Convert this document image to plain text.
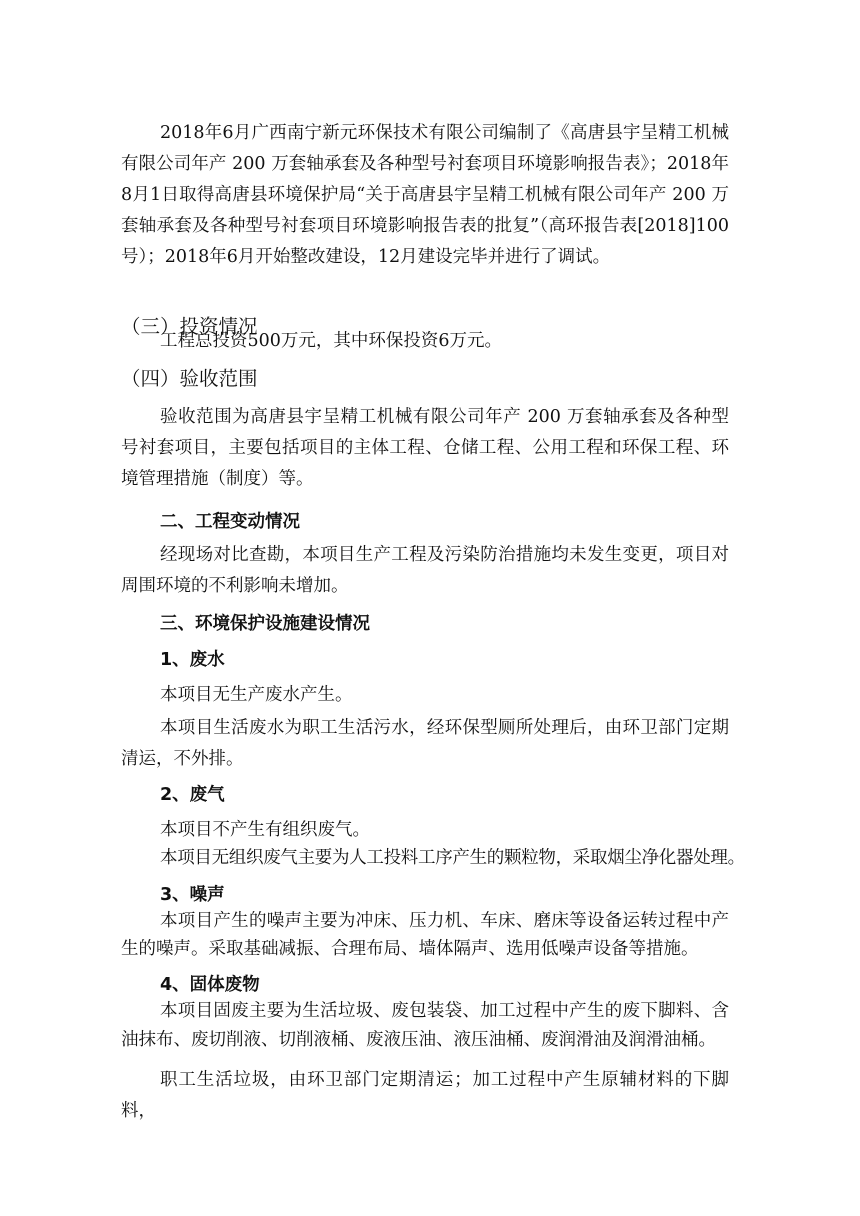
2018年6月广西南宁新元环保技术有限公司编制了《高唐县宇呈精工机械有限公司年产 200 万套轴承套及各种型号衬套项目环境影响报告表》；2018年8月1日取得高唐县环境保护局“关于高唐县宇呈精工机械有限公司年产 200 万套轴承套及各种型号衬套项目环境影响报告表的批复”（高环报告表[2018]100号）；2018年6月开始整改建设，12月建设完毕并进行了调试。

（三）投资情况

工程总投资500万元，其中环保投资6万元。

（四）验收范围

验收范围为高唐县宇呈精工机械有限公司年产 200 万套轴承套及各种型号衬套项目，主要包括项目的主体工程、仓储工程、公用工程和环保工程、环境管理措施（制度）等。

二、工程变动情况

经现场对比查勘，本项目生产工程及污染防治措施均未发生变更，项目对周围环境的不利影响未增加。

三、环境保护设施建设情况

1、废水

本项目无生产废水产生。

本项目生活废水为职工生活污水，经环保型厕所处理后，由环卫部门定期清运，不外排。

2、废气

本项目不产生有组织废气。

本项目无组织废气主要为人工投料工序产生的颗粒物，采取烟尘净化器处理。

3、噪声

本项目产生的噪声主要为冲床、压力机、车床、磨床等设备运转过程中产生的噪声。采取基础减振、合理布局、墙体隔声、选用低噪声设备等措施。

4、固体废物

本项目固废主要为生活垃圾、废包装袋、加工过程中产生的废下脚料、含油抹布、废切削液、切削液桶、废液压油、液压油桶、废润滑油及润滑油桶。

职工生活垃圾，由环卫部门定期清运；加工过程中产生原辅材料的下脚料，
